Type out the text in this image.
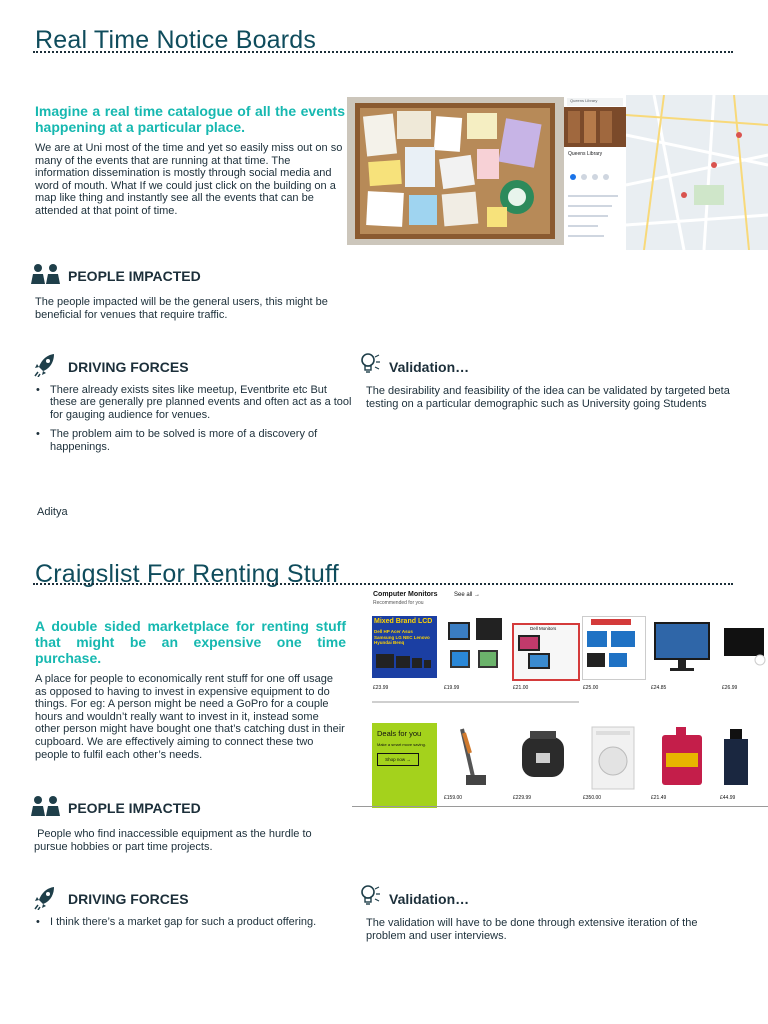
Real Time Notice Boards
Imagine a real time catalogue of all the events happening at a particular place.
We are at Uni most of the time and yet so easily miss out on so many of the events that are running at that time. The information dissemination is mostly through social media and word of mouth. What If we could just click on the building on a map like thing and instantly see all the events that can be attended at that point of time.
Queens Library
Queens Library
PEOPLE IMPACTED
The people impacted will be the general users, this might be beneficial for venues that require traffic.
DRIVING FORCES
• There already exists sites like meetup, Eventbrite etc But these are generally pre planned events and often act as a tool for gauging audience for venues.
• The problem aim to be solved is more of a discovery of happenings.
Validation…
The desirability and feasibility of the idea can be validated by targeted beta testing on a particular demographic such as University going Students
Aditya
Craigslist For Renting Stuff
A double sided marketplace for renting stuff that might be an expensive one time purchase.
A place for people to economically rent stuff for one off usage as opposed to having to invest in expensive equipment to do things. For eg: A person might be need a GoPro for a couple hours and wouldn’t really want to invest in it, instead some other person might have bought one that’s catching dust in their cupboard. We are effectively aiming to connect these two people to fulfil each other’s needs.
Computer Monitors	See all →
Recommended for you
Mixed Brand LCD
Dell HP Acer Asus Samsung LG NEC Lenovo Hyundai Benq
Dell Monitors
£23.99	£19.99	£21.00	£25.00	£24.85	£26.99
Deals for you
Make a smart move saving.
Shop now →
£159.00	£229.99	£350.00	£21.49	£44.99
PEOPLE IMPACTED
People who find inaccessible equipment as the hurdle to pursue hobbies or part time projects.
DRIVING FORCES
• I think there’s a market gap for such a product offering.
Validation…
The validation will have to be done through extensive iteration of the problem and user interviews.
